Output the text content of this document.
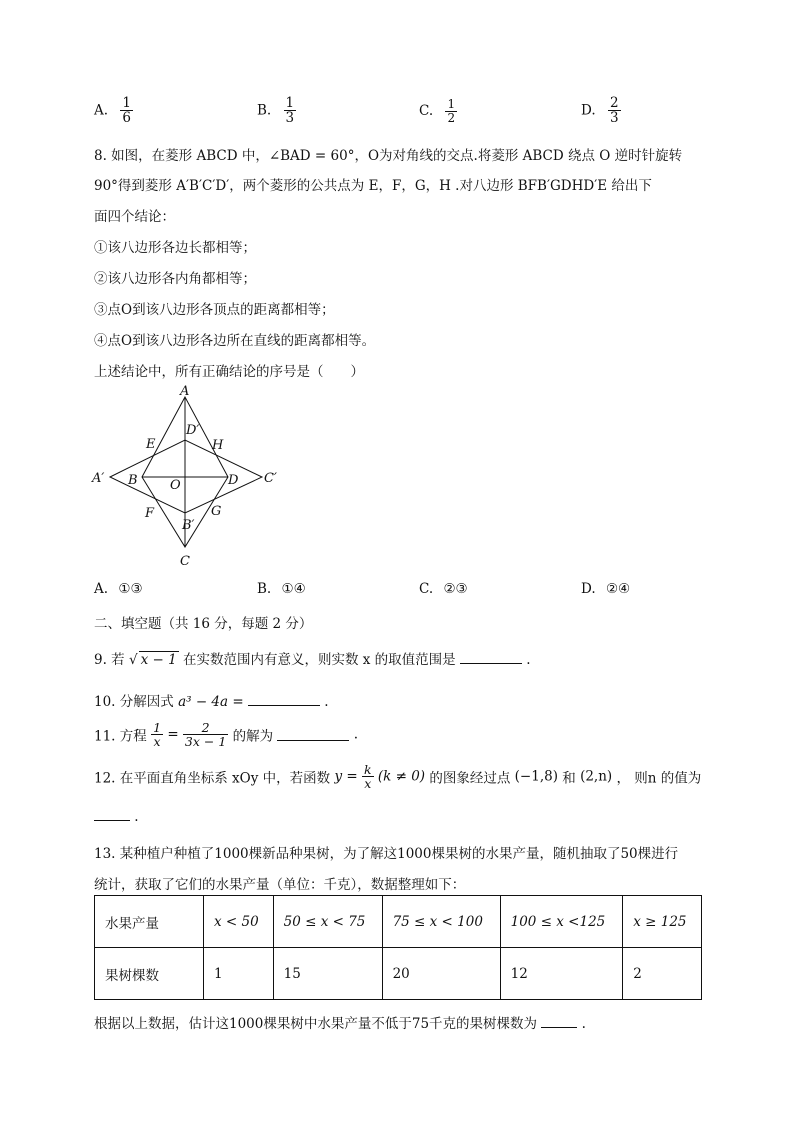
A. $\frac{1}{6}$	B. $\frac{1}{3}$	C. $\frac{1}{2}$	D. $\frac{2}{3}$
8. 如图，在菱形 ABCD 中，∠BAD = 60°，O为对角线的交点.将菱形 ABCD 绕点 O 逆时针旋转
90°得到菱形 A′B′C′D′，两个菱形的公共点为 E，F，G，H .对八边形 BFB′GDHD′E 给出下
面四个结论：
①该八边形各边长都相等；
②该八边形各内角都相等；
③点O到该八边形各顶点的距离都相等；
④点O到该八边形各边所在直线的距离都相等。
上述结论中，所有正确结论的序号是（　　）
A
D′
E	H
A′ B O	D C′
F
B′
G
C
A. ①③	B. ①④	C. ②③	D. ②④
二、填空题（共 16 分，每题 2 分）
9. 若 √ x − 1 在实数范围内有意义，则实数 x 的取值范围是	.
10. 分解因式 a³ − 4a =	.
11. 方程 $\frac{1}{x} = \frac{2}{3x - 1}$ 的解为	.
12. 在平面直角坐标系 xOy 中，若函数 $y = \frac{k}{x} (k \ne 0)$ 的图象经过点 (−1,8) 和 (2,n) ， 则n 的值为
.
13. 某种植户种植了1000棵新品种果树，为了解这1000棵果树的水果产量，随机抽取了50棵进行
统计，获取了它们的水果产量（单位：千克），数据整理如下：
水果产量	x < 50	50 ≤ x < 75	75 ≤ x < 100	100 ≤ x <125	x ≥ 125
果树棵数	1	15	20	12	2
根据以上数据，估计这1000棵果树中水果产量不低于75千克的果树棵数为	.
